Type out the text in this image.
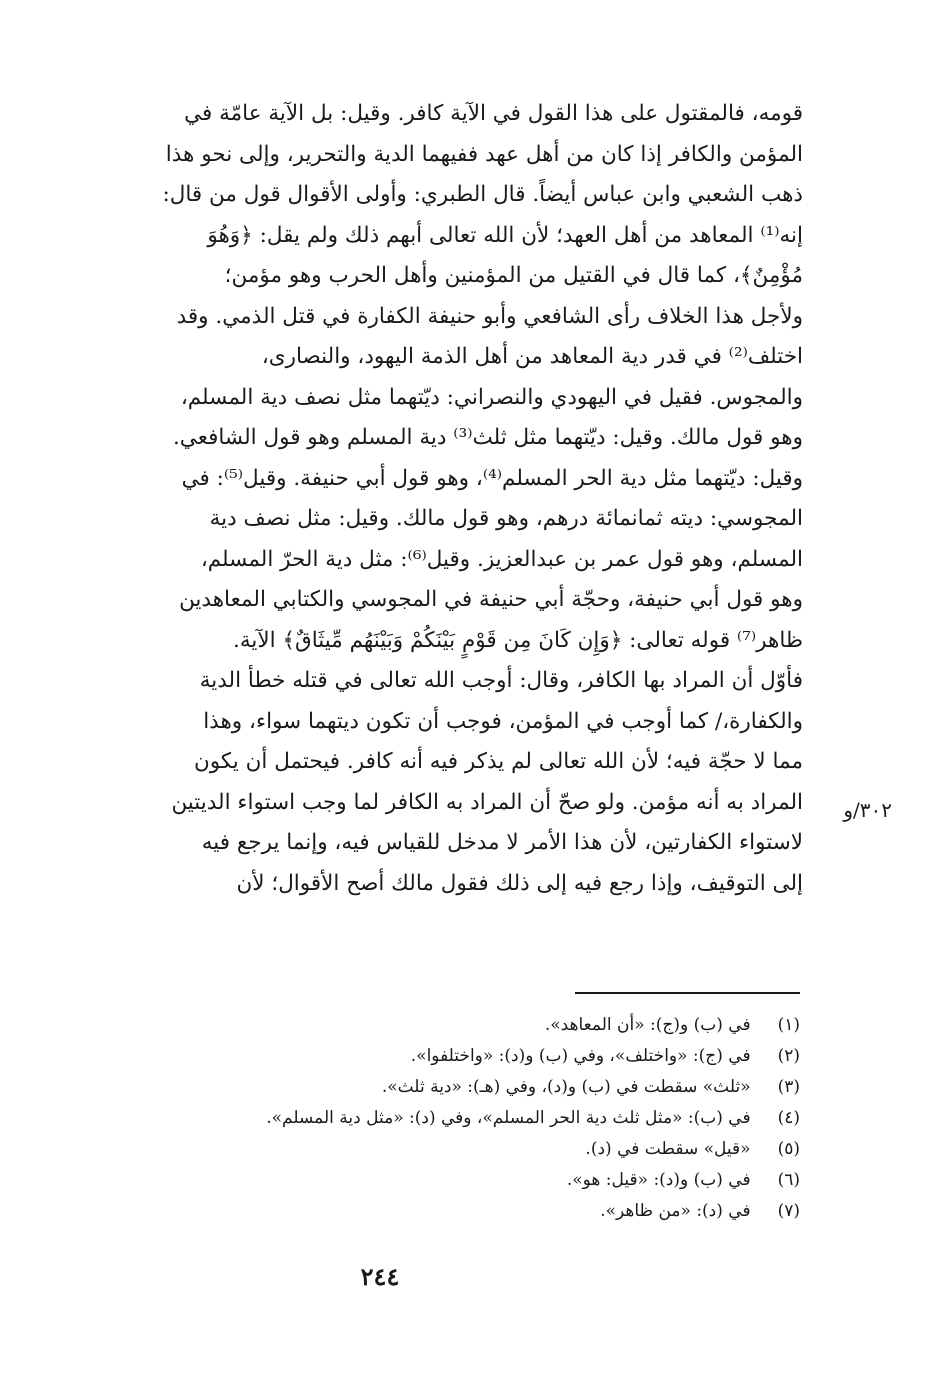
قومه، فالمقتول على هذا القول في الآية كافر. وقيل: بل الآية عامّة في
المؤمن والكافر إذا كان من أهل عهد ففيهما الدية والتحرير، وإلى نحو هذا
ذهب الشعبي وابن عباس أيضاً. قال الطبري: وأولى الأقوال قول من قال:
إنه⁽¹⁾ المعاهد من أهل العهد؛ لأن الله تعالى أبهم ذلك ولم يقل: ﴿وَهُوَ
مُؤْمِنٌ﴾، كما قال في القتيل من المؤمنين وأهل الحرب وهو مؤمن؛
ولأجل هذا الخلاف رأى الشافعي وأبو حنيفة الكفارة في قتل الذمي. وقد
اختلف⁽²⁾ في قدر دية المعاهد من أهل الذمة اليهود، والنصارى،
والمجوس. فقيل في اليهودي والنصراني: ديّتهما مثل نصف دية المسلم،
وهو قول مالك. وقيل: ديّتهما مثل ثلث⁽³⁾ دية المسلم وهو قول الشافعي.
وقيل: ديّتهما مثل دية الحر المسلم⁽⁴⁾، وهو قول أبي حنيفة. وقيل⁽⁵⁾: في
المجوسي: ديته ثمانمائة درهم، وهو قول مالك. وقيل: مثل نصف دية
المسلم، وهو قول عمر بن عبدالعزيز. وقيل⁽⁶⁾: مثل دية الحرّ المسلم،
وهو قول أبي حنيفة، وحجّة أبي حنيفة في المجوسي والكتابي المعاهدين
ظاهر⁽⁷⁾ قوله تعالى: ﴿وَإِن كَانَ مِن قَوْمٍ بَيْنَكُمْ وَبَيْنَهُم مِّيثَاقٌ﴾ الآية.
فأوّل أن المراد بها الكافر، وقال: أوجب الله تعالى في قتله خطأ الدية
والكفارة،/ كما أوجب في المؤمن، فوجب أن تكون ديتهما سواء، وهذا
مما لا حجّة فيه؛ لأن الله تعالى لم يذكر فيه أنه كافر. فيحتمل أن يكون
المراد به أنه مؤمن. ولو صحّ أن المراد به الكافر لما وجب استواء الديتين
لاستواء الكفارتين، لأن هذا الأمر لا مدخل للقياس فيه، وإنما يرجع فيه
إلى التوقيف، وإذا رجع فيه إلى ذلك فقول مالك أصح الأقوال؛ لأن
٣٠٢/و
(١) في (ب) و(ج): «أن المعاهد».
(٢) في (ج): «واختلف»، وفي (ب) و(د): «واختلفوا».
(٣) «ثلث» سقطت في (ب) و(د)، وفي (هـ): «دية ثلث».
(٤) في (ب): «مثل ثلث دية الحر المسلم»، وفي (د): «مثل دية المسلم».
(٥) «قيل» سقطت في (د).
(٦) في (ب) و(د): «قيل: هو».
(٧) في (د): «من ظاهر».
٢٤٤
